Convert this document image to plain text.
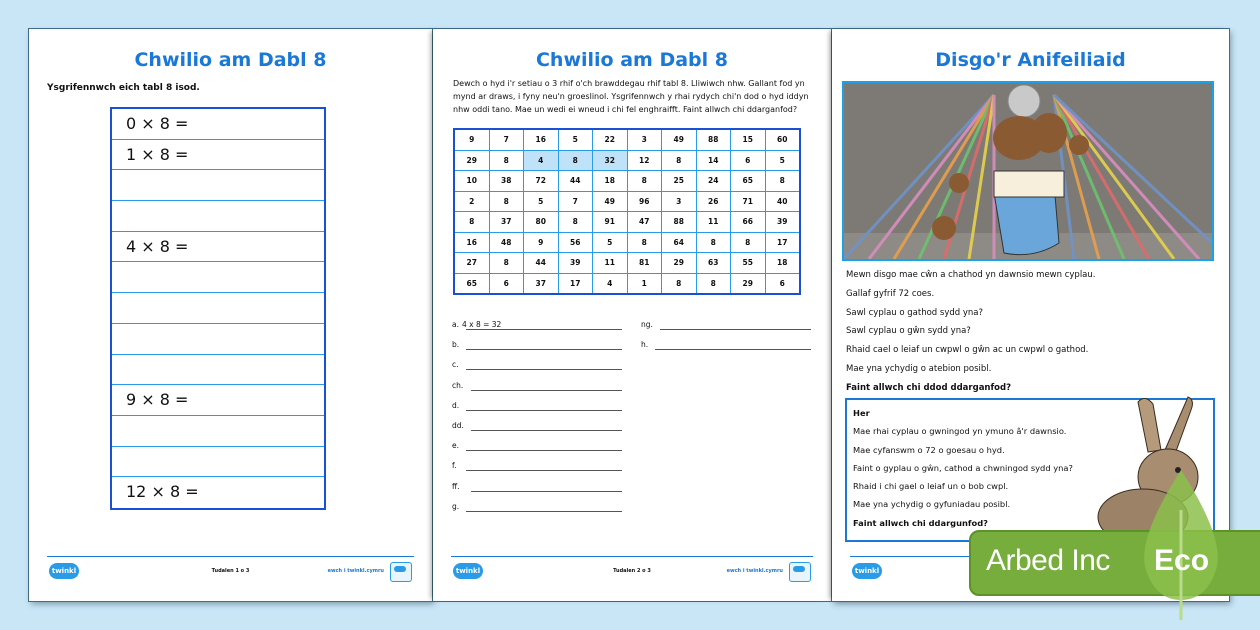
Chwilio am Dabl 8
Ysgrifennwch eich tabl 8 isod.
0 × 8 =
1 × 8 =
4 × 8 =
9 × 8 =
12 × 8 =
twinkl	Tudalen 1 o 3	ewch i twinkl.cymru
Chwilio am Dabl 8
Dewch o hyd i'r setiau o 3 rhif o'ch brawddegau rhif tabl 8. Lliwiwch nhw. Gallant fod yn mynd ar draws, i fyny neu'n groeslinol. Ysgrifennwch y rhai rydych chi'n dod o hyd iddyn nhw oddi tano. Mae un wedi ei wneud i chi fel enghraifft. Faint allwch chi ddarganfod?
9	7	16	5	22	3	49	88	15	60
29	8	4	8	32	12	8	14	6	5
10	38	72	44	18	8	25	24	65	8
2	8	5	7	49	96	3	26	71	40
8	37	80	8	91	47	88	11	66	39
16	48	9	56	5	8	64	8	8	17
27	8	44	39	11	81	29	63	55	18
65	6	37	17	4	1	8	8	29	6
a. 4 x 8 = 32
b.
c.
ch.
d.
dd.
e.
f.
ff.
g.
ng.
h.
twinkl	Tudalen 2 o 3	ewch i twinkl.cymru
Disgo'r Anifeiliaid
Mewn disgo mae cŵn a chathod yn dawnsio mewn cyplau.
Gallaf gyfrif 72 coes.
Sawl cyplau o gathod sydd yna?
Sawl cyplau o gŵn sydd yna?
Rhaid cael o leiaf un cwpwl o gŵn ac un cwpwl o gathod.
Mae yna ychydig o atebion posibl.
Faint allwch chi ddod ddarganfod?
Her
Mae rhai cyplau o gwningod yn ymuno â'r dawnsio.
Mae cyfanswm o 72 o goesau o hyd.
Faint o gyplau o gŵn, cathod a chwningod sydd yna?
Rhaid i chi gael o leiaf un o bob cwpl.
Mae yna ychydig o gyfuniadau posibl.
Faint allwch chi ddargunfod?
twinkl	Arbed Inc Eco
